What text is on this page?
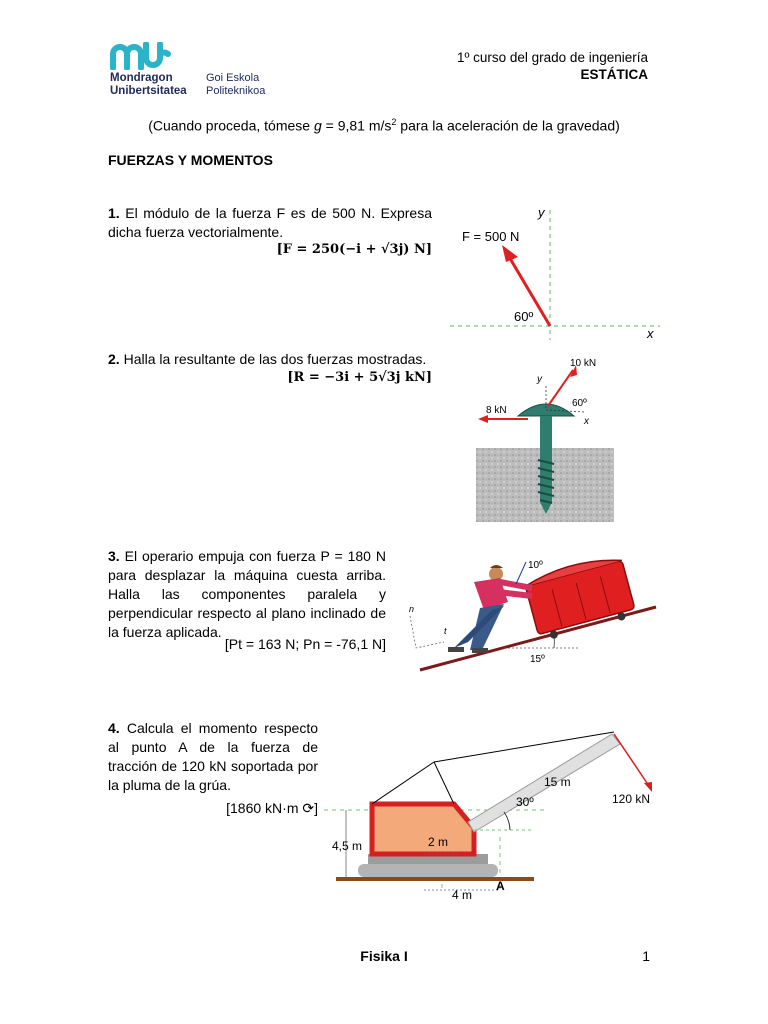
Mondragon
Unibertsitatea
Goi Eskola
Politeknikoa
1º curso del grado de ingeniería
ESTÁTICA
(Cuando proceda, tómese g = 9,81 $m/s^2$ para la aceleración de la gravedad)
FUERZAS Y MOMENTOS
1. El módulo de la fuerza F es de 500 N. Expresa dicha fuerza vectorialmente.
[F = 250(−i + √3j) N]
y
x
F = 500 N
60º
2. Halla la resultante de las dos fuerzas mostradas.
[R = −3i + 5√3j kN]	y
x
10 kN
60º
8 kN
3. El operario empuja con fuerza P = 180 N para desplazar la máquina cuesta arriba. Halla las componentes paralela y perpendicular respecto al plano inclinado de la fuerza aplicada.
[Pt = 163 N; Pn = -76,1 N]
15º
10º
n
t
4. Calcula el momento respecto al punto A de la fuerza de tracción de 120 kN soportada por la pluma de la grúa.
[1860 kN·m ⟳]	30º
15 m
120 kN
4,5 m	2 m
4 m
A
Fisika I	1
